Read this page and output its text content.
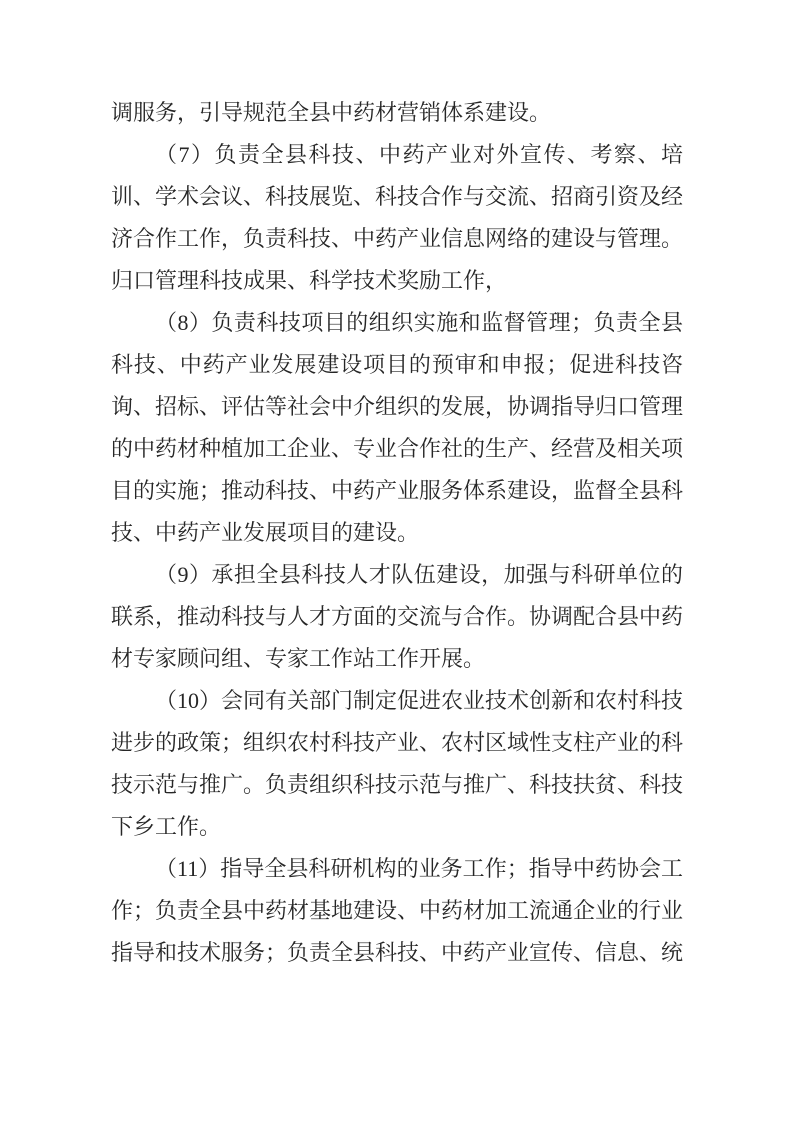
调服务，引导规范全县中药材营销体系建设。

（7）负责全县科技、中药产业对外宣传、考察、培训、学术会议、科技展览、科技合作与交流、招商引资及经济合作工作，负责科技、中药产业信息网络的建设与管理。归口管理科技成果、科学技术奖励工作，

（8）负责科技项目的组织实施和监督管理；负责全县科技、中药产业发展建设项目的预审和申报；促进科技咨询、招标、评估等社会中介组织的发展，协调指导归口管理的中药材种植加工企业、专业合作社的生产、经营及相关项目的实施；推动科技、中药产业服务体系建设，监督全县科技、中药产业发展项目的建设。

（9）承担全县科技人才队伍建设，加强与科研单位的联系，推动科技与人才方面的交流与合作。协调配合县中药材专家顾问组、专家工作站工作开展。

（10）会同有关部门制定促进农业技术创新和农村科技进步的政策；组织农村科技产业、农村区域性支柱产业的科技示范与推广。负责组织科技示范与推广、科技扶贫、科技下乡工作。

（11）指导全县科研机构的业务工作；指导中药协会工作；负责全县中药材基地建设、中药材加工流通企业的行业指导和技术服务；负责全县科技、中药产业宣传、信息、统
